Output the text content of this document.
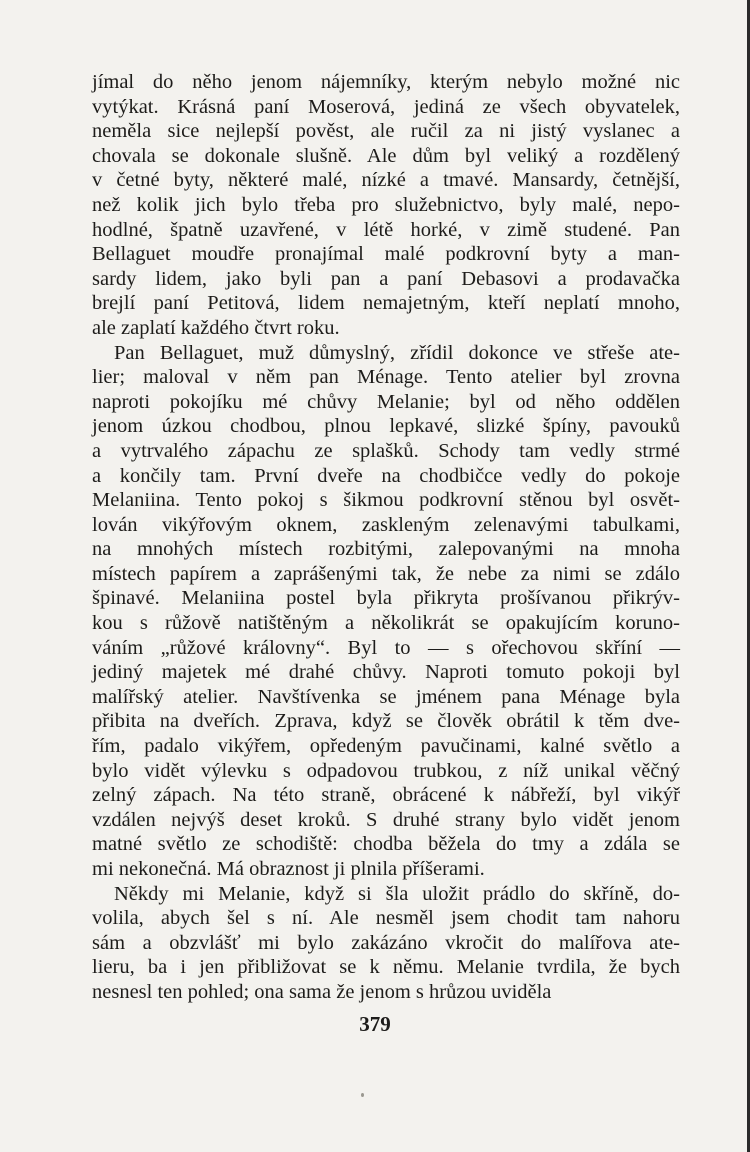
jímal do něho jenom nájemníky, kterým nebylo možné nic
vytýkat. Krásná paní Moserová, jediná ze všech obyvatelek,
neměla sice nejlepší pověst, ale ručil za ni jistý vyslanec a
chovala se dokonale slušně. Ale dům byl veliký a rozdělený
v četné byty, některé malé, nízké a tmavé. Mansardy, četnější,
než kolik jich bylo třeba pro služebnictvo, byly malé, nepo-
hodlné, špatně uzavřené, v létě horké, v zimě studené. Pan
Bellaguet moudře pronajímal malé podkrovní byty a man-
sardy lidem, jako byli pan a paní Debasovi a prodavačka
brejlí paní Petitová, lidem nemajetným, kteří neplatí mnoho,
ale zaplatí každého čtvrt roku.
Pan Bellaguet, muž důmyslný, zřídil dokonce ve střeše ate-
lier; maloval v něm pan Ménage. Tento atelier byl zrovna
naproti pokojíku mé chůvy Melanie; byl od něho oddělen
jenom úzkou chodbou, plnou lepkavé, slizké špíny, pavouků
a vytrvalého zápachu ze splašků. Schody tam vedly strmé
a končily tam. První dveře na chodbičce vedly do pokoje
Melaniina. Tento pokoj s šikmou podkrovní stěnou byl osvět-
lován vikýřovým oknem, zaskleným zelenavými tabulkami,
na mnohých místech rozbitými, zalepovanými na mnoha
místech papírem a zaprášenými tak, že nebe za nimi se zdálo
špinavé. Melaniina postel byla přikryta prošívanou přikrýv-
kou s růžově natištěným a několikrát se opakujícím koruno-
váním „růžové královny“. Byl to — s ořechovou skříní —
jediný majetek mé drahé chůvy. Naproti tomuto pokoji byl
malířský atelier. Navštívenka se jménem pana Ménage byla
přibita na dveřích. Zprava, když se člověk obrátil k těm dve-
řím, padalo vikýřem, opředeným pavučinami, kalné světlo a
bylo vidět výlevku s odpadovou trubkou, z níž unikal věčný
zelný zápach. Na této straně, obrácené k nábřeží, byl vikýř
vzdálen nejvýš deset kroků. S druhé strany bylo vidět jenom
matné světlo ze schodiště: chodba běžela do tmy a zdála se
mi nekonečná. Má obraznost ji plnila příšerami.
Někdy mi Melanie, když si šla uložit prádlo do skříně, do-
volila, abych šel s ní. Ale nesměl jsem chodit tam nahoru
sám a obzvlášť mi bylo zakázáno vkročit do malířova ate-
lieru, ba i jen přibližovat se k němu. Melanie tvrdila, že bych
nesnesl ten pohled; ona sama že jenom s hrůzou uviděla
379
